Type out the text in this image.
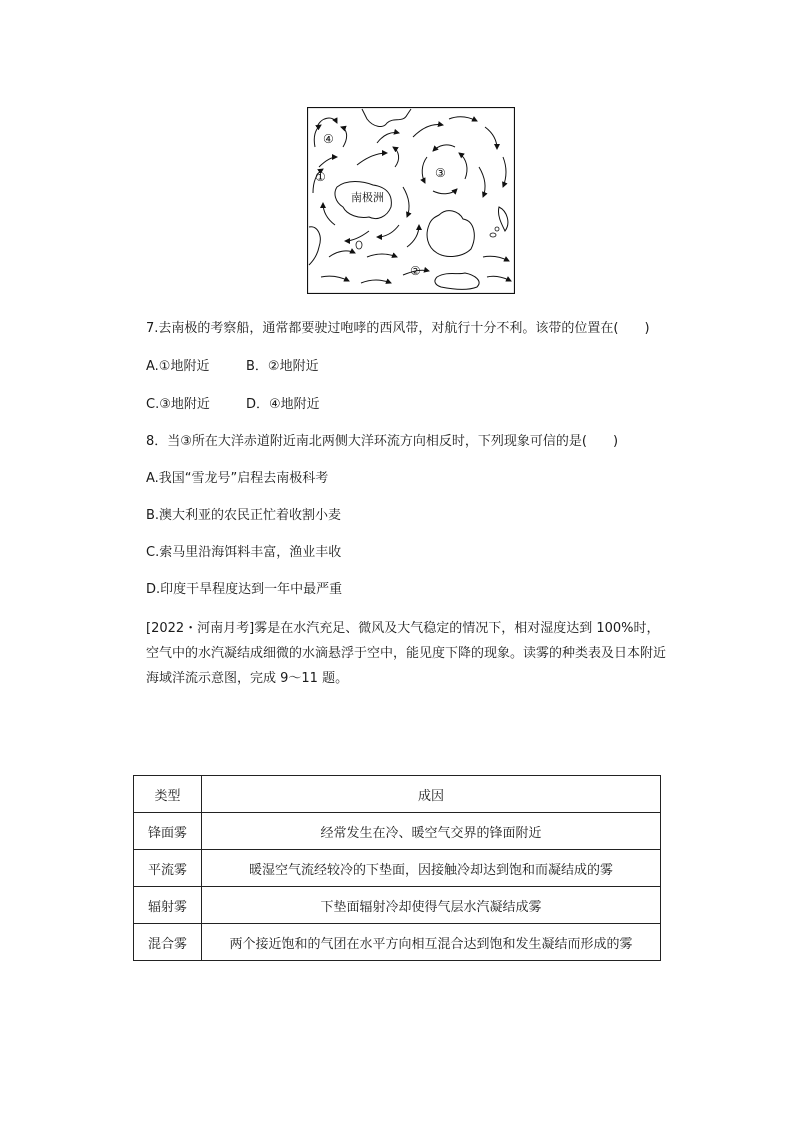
南极洲
①
②
③
④
7.去南极的考察船，通常都要驶过咆哮的西风带，对航行十分不利。该带的位置在(　　)
A.①地附近	B．②地附近
C.③地附近	D．④地附近
8．当③所在大洋赤道附近南北两侧大洋环流方向相反时，下列现象可信的是(　　)
A.我国“雪龙号”启程去南极科考
B.澳大利亚的农民正忙着收割小麦
C.索马里沿海饵料丰富，渔业丰收
D.印度干旱程度达到一年中最严重
[2022・河南月考]雾是在水汽充足、微风及大气稳定的情况下，相对湿度达到 100%时，
空气中的水汽凝结成细微的水滴悬浮于空中，能见度下降的现象。读雾的种类表及日本附近
海域洋流示意图，完成 9～11 题。
类型	成因
锋面雾	经常发生在冷、暖空气交界的锋面附近
平流雾	暖湿空气流经较冷的下垫面，因接触冷却达到饱和而凝结成的雾
辐射雾	下垫面辐射冷却使得气层水汽凝结成雾
混合雾	两个接近饱和的气团在水平方向相互混合达到饱和发生凝结而形成的雾
